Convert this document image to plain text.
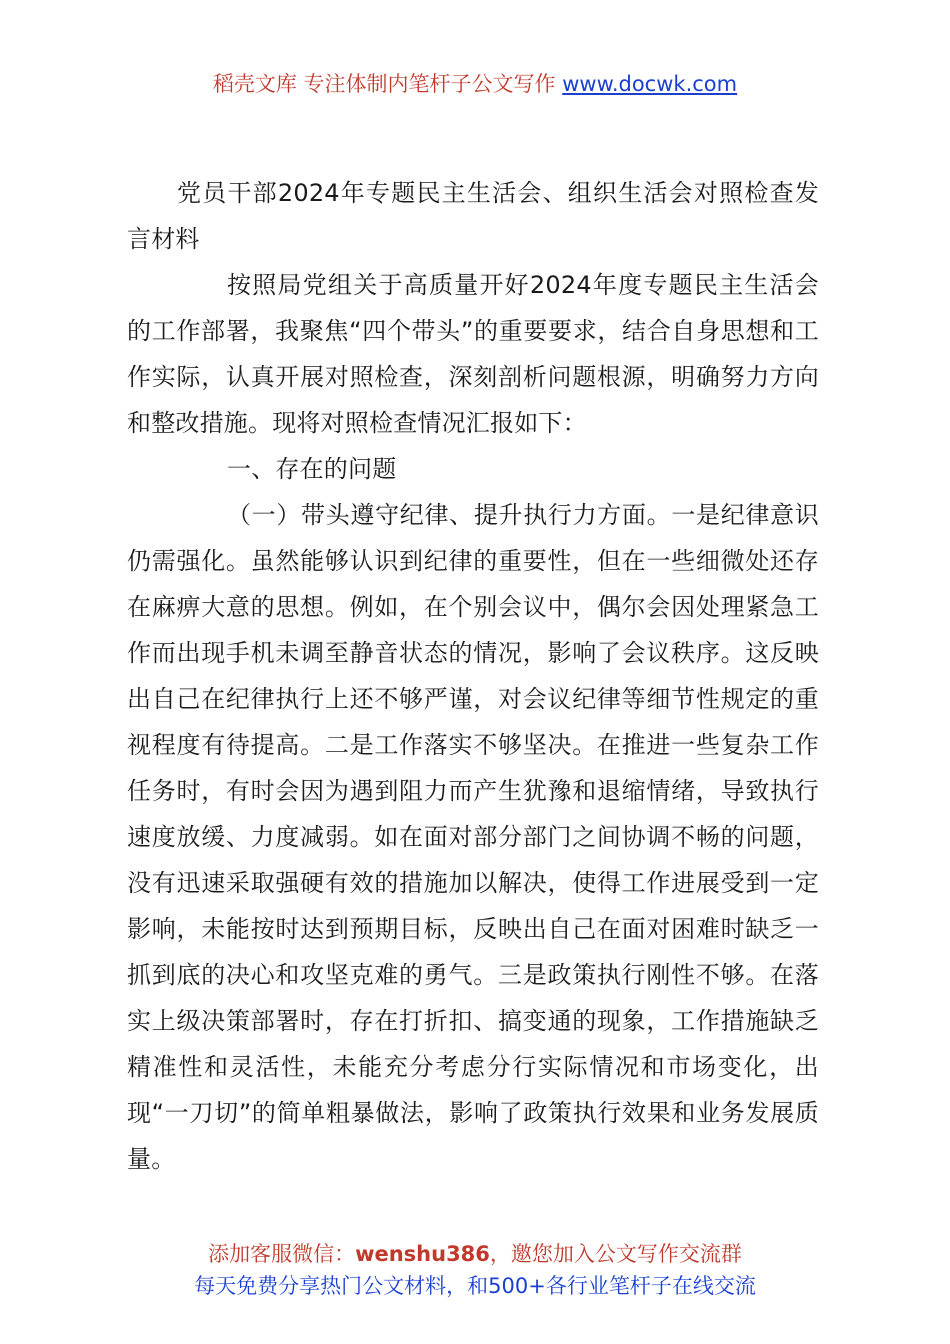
稻壳文库 专注体制内笔杆子公文写作 www.docwk.com

党员干部2024年专题民主生活会、组织生活会对照检查发言材料

按照局党组关于高质量开好2024年度专题民主生活会的工作部署，我聚焦“四个带头”的重要要求，结合自身思想和工作实际，认真开展对照检查，深刻剖析问题根源，明确努力方向和整改措施。现将对照检查情况汇报如下：

一、存在的问题

（一）带头遵守纪律、提升执行力方面。一是纪律意识仍需强化。虽然能够认识到纪律的重要性，但在一些细微处还存在麻痹大意的思想。例如，在个别会议中，偶尔会因处理紧急工作而出现手机未调至静音状态的情况，影响了会议秩序。这反映出自己在纪律执行上还不够严谨，对会议纪律等细节性规定的重视程度有待提高。二是工作落实不够坚决。在推进一些复杂工作任务时，有时会因为遇到阻力而产生犹豫和退缩情绪，导致执行速度放缓、力度减弱。如在面对部分部门之间协调不畅的问题，没有迅速采取强硬有效的措施加以解决，使得工作进展受到一定影响，未能按时达到预期目标，反映出自己在面对困难时缺乏一抓到底的决心和攻坚克难的勇气。三是政策执行刚性不够。在落实上级决策部署时，存在打折扣、搞变通的现象，工作措施缺乏精准性和灵活性，未能充分考虑分行实际情况和市场变化，出现“一刀切”的简单粗暴做法，影响了政策执行效果和业务发展质量。

添加客服微信：wenshu386，邀您加入公文写作交流群
每天免费分享热门公文材料，和500+各行业笔杆子在线交流
